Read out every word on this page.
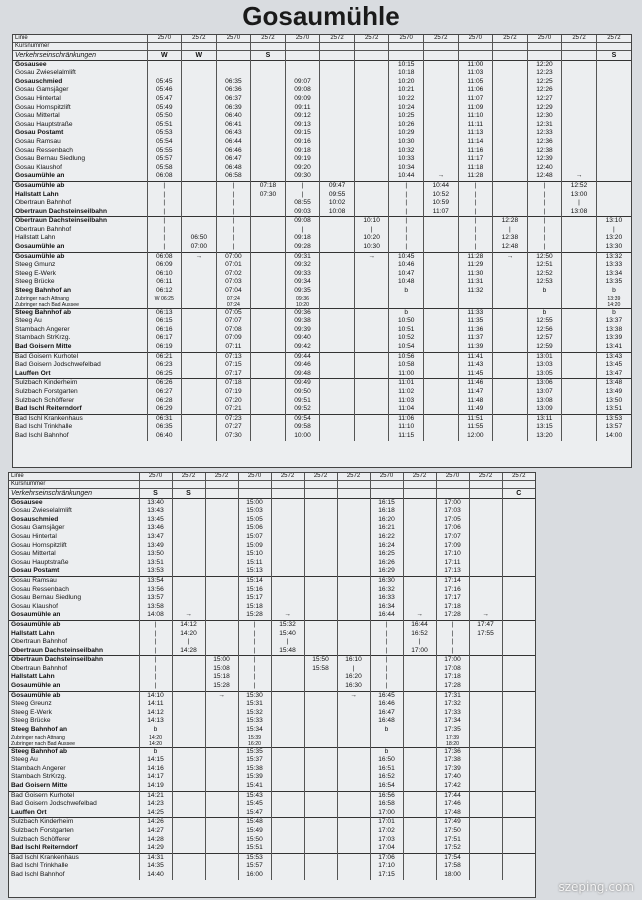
Gosaumühle
Linie	2570	2572	2570	2572	2570	2572	2572	2570	2572	2570	2572	2570	2572	2572
Kursnummer														
Verkehrseinschränkungen	W	W		S										S
Gosausee								10:15		11:00		12:20		
Gosau Zwieselalmlift								10:18		11:03		12:23		
Gosauschmied	05:45		06:35		09:07			10:20		11:05		12:25		
Gosau Gamsjäger	05:46		06:36		09:08			10:21		11:06		12:26		
Gosau Hintertal	05:47		06:37		09:09			10:22		11:07		12:27		
Gosau Hornspitzlift	05:49		06:39		09:11			10:24		11:09		12:29		
Gosau Mittertal	05:50		06:40		09:12			10:25		11:10		12:30		
Gosau Hauptstraße	05:51		06:41		09:13			10:26		11:11		12:31		
Gosau Postamt	05:53		06:43		09:15			10:29		11:13		12:33		
Gosau Ramsau	05:54		06:44		09:16			10:30		11:14		12:36		
Gosau Ressenbach	05:55		06:46		09:18			10:32		11:16		12:38		
Gosau Bernau Siedlung	05:57		06:47		09:19			10:33		11:17		12:39		
Gosau Klaushof	05:58		06:48		09:20			10:34		11:18		12:40		
Gosaumühle an	06:08		06:58		09:30			10:44	→	11:28		12:48	→	
Gosaumühle ab	|		|	07:18	|	09:47		|	10:44	|		|	12:52	
Hallstatt Lahn	|		|	07:30	|	09:55		|	10:52	|		|	13:00	
Obertraun Bahnhof	|		|		08:55	10:02		|	10:59	|		|	|	
Obertraun Dachsteinseilbahn	|		|		09:03	10:08		|	11:07	|		|	13:08	
Obertraun Dachsteinseilbahn	|		|		09:08		10:10	|		|	12:28	|		13:10
Obertraun Bahnhof	|		|		|		|	|		|	|	|		|
Hallstatt Lahn	|	06:50	|		09:18		10:20	|		|	12:38	|		13:20
Gosaumühle an	|	07:00	|		09:28		10:30	|		|	12:48	|		13:30
Gosaumühle ab	06:08	→	07:00		09:31		→	10:45		11:28	→	12:50		13:32
Steeg Gmunz	06:09		07:01		09:32			10:46		11:29		12:51		13:33
Steeg E-Werk	06:10		07:02		09:33			10:47		11:30		12:52		13:34
Steeg Brücke	06:11		07:03		09:34			10:48		11:31		12:53		13:35
Steeg Bahnhof an	06:12		07:04		09:35			b		11:32		b		b
Zubringer nach Attnang	W 06:25		07:24		09:36									13:39
Zubringer nach Bad Aussee			07:24		10:20									14:20
Steeg Bahnhof ab	06:13		07:05		09:36			b		11:33		b		b
Steeg Au	06:15		07:07		09:38			10:50		11:35		12:55		13:37
Stambach Angerer	06:16		07:08		09:39			10:51		11:36		12:56		13:38
Stambach StrKrzg.	06:17		07:09		09:40			10:52		11:37		12:57		13:39
Bad Goisern Mitte	06:19		07:11		09:42			10:54		11:39		12:59		13:41
Bad Goisern Kurhotel	06:21		07:13		09:44			10:56		11:41		13:01		13:43
Bad Goisern Jodschwefelbad	06:23		07:15		09:46			10:58		11:43		13:03		13:45
Lauffen Ort	06:25		07:17		09:48			11:00		11:45		13:05		13:47
Sulzbach Kinderheim	06:26		07:18		09:49			11:01		11:46		13:06		13:48
Sulzbach Forstgarten	06:27		07:19		09:50			11:02		11:47		13:07		13:49
Sulzbach Schöfferer	06:28		07:20		09:51			11:03		11:48		13:08		13:50
Bad Ischl Reiterndorf	06:29		07:21		09:52			11:04		11:49		13:09		13:51
Bad Ischl Krankenhaus	06:31		07:23		09:54			11:06		11:51		13:11		13:53
Bad Ischl Trinkhalle	06:35		07:27		09:58			11:10		11:55		13:15		13:57
Bad Ischl Bahnhof	06:40		07:30		10:00			11:15		12:00		13:20		14:00
Linie	2570	2572	2572	2570	2572	2572	2572	2570	2572	2570	2572	2572
Kursnummer												
Verkehrseinschränkungen	S	S										C
Gosausee	13:40			15:00				16:15		17:00		
Gosau Zwieselalmlift	13:43			15:03				16:18		17:03		
Gosauschmied	13:45			15:05				16:20		17:05		
Gosau Gamsjäger	13:46			15:06				16:21		17:06		
Gosau Hintertal	13:47			15:07				16:22		17:07		
Gosau Hornspitzlift	13:49			15:09				16:24		17:09		
Gosau Mittertal	13:50			15:10				16:25		17:10		
Gosau Hauptstraße	13:51			15:11				16:26		17:11		
Gosau Postamt	13:53			15:13				16:29		17:13		
Gosau Ramsau	13:54			15:14				16:30		17:14		
Gosau Ressenbach	13:56			15:16				16:32		17:16		
Gosau Bernau Siedlung	13:57			15:17				16:33		17:17		
Gosau Klaushof	13:58			15:18				16:34		17:18		
Gosaumühle an	14:08	→		15:28	→			16:44	→	17:28	→	
Gosaumühle ab	|	14:12		|	15:32			|	16:44	|	17:47	
Hallstatt Lahn	|	14:20		|	15:40			|	16:52	|	17:55	
Obertraun Bahnhof	|	|		|	|			|	|	|		
Obertraun Dachsteinseilbahn	|	14:28		|	15:48			|	17:00	|		
Obertraun Dachsteinseilbahn	|		15:00	|		15:50	16:10	|		17:00		
Obertraun Bahnhof	|		15:08	|		15:58	|	|		17:08		
Hallstatt Lahn	|		15:18	|			16:20	|		17:18		
Gosaumühle an	|		15:28	|			16:30	|		17:28		
Gosaumühle ab	14:10		→	15:30			→	16:45		17:31		
Steeg Greunz	14:11			15:31				16:46		17:32		
Steeg E-Werk	14:12			15:32				16:47		17:33		
Steeg Brücke	14:13			15:33				16:48		17:34		
Steeg Bahnhof an	b			15:34				b		17:35		
Zubringer nach Attnang	14:20			15:39						17:39		
Zubringer nach Bad Aussee	14:20			16:20						18:20		
Steeg Bahnhof ab	b			15:35				b		17:36		
Steeg Au	14:15			15:37				16:50		17:38		
Stambach Angerer	14:16			15:38				16:51		17:39		
Stambach StrKrzg.	14:17			15:39				16:52		17:40		
Bad Goisern Mitte	14:19			15:41				16:54		17:42		
Bad Goisern Kurhotel	14:21			15:43				16:56		17:44		
Bad Goisern Jodschwefelbad	14:23			15:45				16:58		17:46		
Lauffen Ort	14:25			15:47				17:00		17:48		
Sulzbach Kinderheim	14:26			15:48				17:01		17:49		
Sulzbach Forstgarten	14:27			15:49				17:02		17:50		
Sulzbach Schöfferer	14:28			15:50				17:03		17:51		
Bad Ischl Reiterndorf	14:29			15:51				17:04		17:52		
Bad Ischl Krankenhaus	14:31			15:53				17:06		17:54		
Bad Ischl Trinkhalle	14:35			15:57				17:10		17:58		
Bad Ischl Bahnhof	14:40			16:00				17:15		18:00		
szeping.com
